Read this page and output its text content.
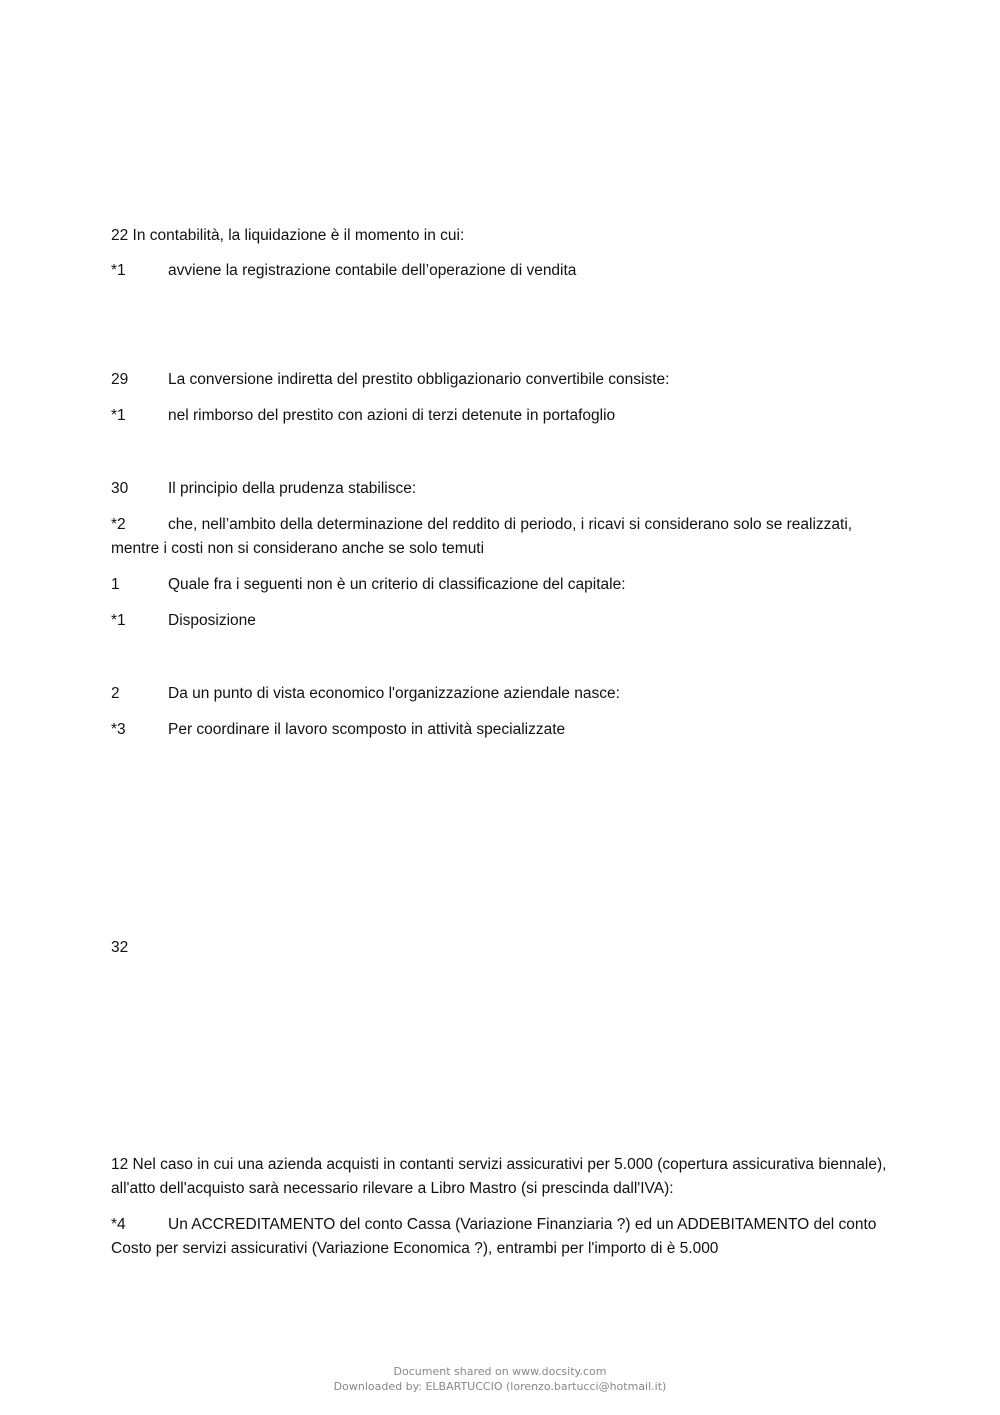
22 In contabilità, la liquidazione è il momento in cui:
*1	avviene la registrazione contabile dell’operazione di vendita
29	La conversione indiretta del prestito obbligazionario convertibile consiste:
*1	nel rimborso del prestito con azioni di terzi detenute in portafoglio
30	Il principio della prudenza stabilisce:
*2	che, nell’ambito della determinazione del reddito di periodo, i ricavi si considerano solo se realizzati, mentre i costi non si considerano anche se solo temuti
1	Quale fra i seguenti non è un criterio di classificazione del capitale:
*1	Disposizione
2	Da un punto di vista economico l'organizzazione aziendale nasce:
*3	Per coordinare il lavoro scomposto in attività specializzate
32
12 Nel caso in cui una azienda acquisti in contanti servizi assicurativi per 5.000 (copertura assicurativa biennale), all'atto dell'acquisto sarà necessario rilevare a Libro Mastro (si prescinda dall'IVA):
*4	Un ACCREDITAMENTO del conto Cassa (Variazione Finanziaria ?) ed un ADDEBITAMENTO del conto Costo per servizi assicurativi (Variazione Economica ?), entrambi per l'importo di è 5.000
Document shared on www.docsity.com
Downloaded by: ELBARTUCCIO (lorenzo.bartucci@hotmail.it)
